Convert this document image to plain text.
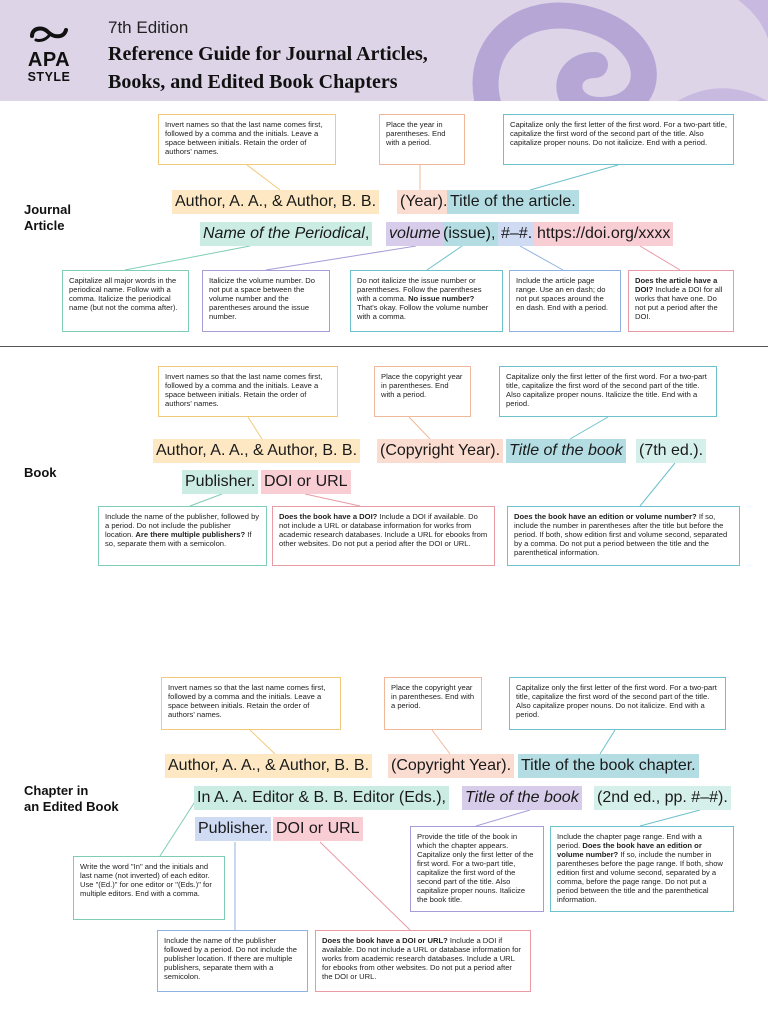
APA
STYLE
7th Edition
Reference Guide for Journal Articles,
Books, and Edited Book Chapters
Journal
Article
Invert names so that the last name comes first, followed by a comma and the initials. Leave a space between initials. Retain the order of authors' names.
Place the year in parentheses. End with a period.
Capitalize only the first letter of the first word. For a two-part title, capitalize the first word of the second part of the title. Also capitalize proper nouns. Do not italicize. End with a period.
Author, A. A., & Author, B. B. (Year). Title of the article.
Name of the Periodical, volume (issue), #–#. https://doi.org/xxxx
Capitalize all major words in the periodical name. Follow with a comma. Italicize the periodical name (but not the comma after).
Italicize the volume number. Do not put a space between the volume number and the parentheses around the issue number.
Do not italicize the issue number or parentheses. Follow the parentheses with a comma. No issue number? That's okay. Follow the volume number with a comma.
Include the article page range. Use an en dash; do not put spaces around the en dash. End with a period.
Does the article have a DOI? Include a DOI for all works that have one. Do not put a period after the DOI.
Book
Invert names so that the last name comes first, followed by a comma and the initials. Leave a space between initials. Retain the order of authors' names.
Place the copyright year in parentheses. End with a period.
Capitalize only the first letter of the first word. For a two-part title, capitalize the first word of the second part of the title. Also capitalize proper nouns. Italicize the title. End with a period.
Author, A. A., & Author, B. B. (Copyright Year). Title of the book (7th ed.).
Publisher. DOI or URL
Include the name of the publisher, followed by a period. Do not include the publisher location. Are there multiple publishers? If so, separate them with a semicolon.
Does the book have a DOI? Include a DOI if available. Do not include a URL or database information for works from academic research databases. Include a URL for ebooks from other websites. Do not put a period after the DOI or URL.
Does the book have an edition or volume number? If so, include the number in parentheses after the title but before the period. If both, show edition first and volume second, separated by a comma. Do not put a period between the title and the parenthetical information.
Chapter in
an Edited Book
Invert names so that the last name comes first, followed by a comma and the initials. Leave a space between initials. Retain the order of authors' names.
Place the copyright year in parentheses. End with a period.
Capitalize only the first letter of the first word. For a two-part title, capitalize the first word of the second part of the title. Also capitalize proper nouns. Do not italicize. End with a period.
Author, A. A., & Author, B. B. (Copyright Year). Title of the book chapter.
In A. A. Editor & B. B. Editor (Eds.), Title of the book (2nd ed., pp. #–#).
Publisher. DOI or URL	Provide the title of the book in which the chapter appears. Capitalize only the first letter of the first word. For a two-part title, capitalize the first word of the second part of the title. Also capitalize proper nouns. Italicize the book title.
Include the chapter page range. End with a period. Does the book have an edition or volume number? If so, include the number in parentheses before the page range. If both, show edition first and volume second, separated by a comma, before the page range. Do not put a period between the title and the parenthetical information.
Write the word "In" and the initials and last name (not inverted) of each editor. Use "(Ed.)" for one editor or "(Eds.)" for multiple editors. End with a comma.
Include the name of the publisher followed by a period. Do not include the publisher location. If there are multiple publishers, separate them with a semicolon.
Does the book have a DOI or URL? Include a DOI if available. Do not include a URL or database information for works from academic research databases. Include a URL for ebooks from other websites. Do not put a period after the DOI or URL.
